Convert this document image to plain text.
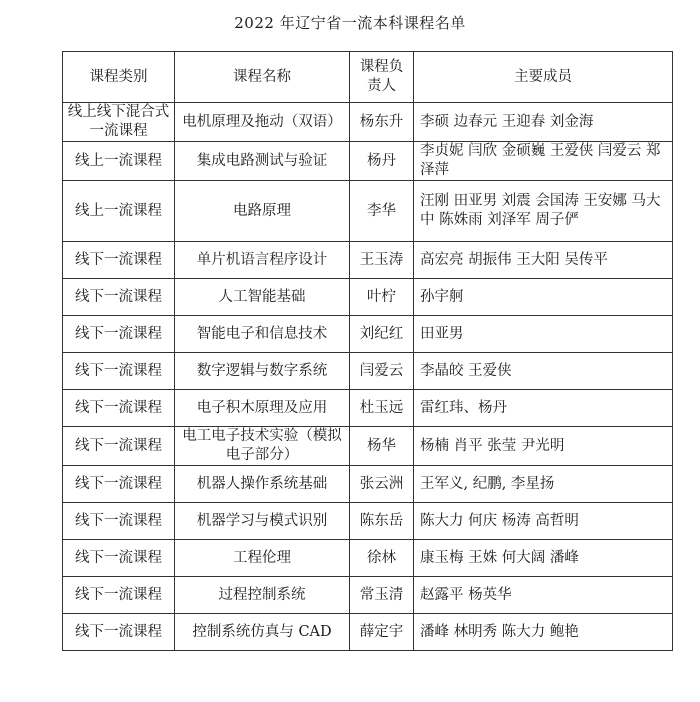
2022 年辽宁省一流本科课程名单
课程类别	课程名称	课程负责人	主要成员
线上线下混合式一流课程	电机原理及拖动（双语）	杨东升	李硕 边春元 王迎春 刘金海
线上一流课程	集成电路测试与验证	杨丹	李贞妮 闫欣 金硕巍 王爱侠 闫爱云 郑泽萍
线上一流课程	电路原理	李华	汪刚 田亚男 刘震 会国涛 王安娜 马大中 陈姝雨 刘泽军 周子俨
线下一流课程	单片机语言程序设计	王玉涛	高宏亮 胡振伟 王大阳 吴传平
线下一流课程	人工智能基础	叶柠	孙宇舸
线下一流课程	智能电子和信息技术	刘纪红	田亚男
线下一流课程	数字逻辑与数字系统	闫爱云	李晶皎 王爱侠
线下一流课程	电子积木原理及应用	杜玉远	雷红玮、杨丹
线下一流课程	电工电子技术实验（模拟电子部分）	杨华	杨楠 肖平 张莹 尹光明
线下一流课程	机器人操作系统基础	张云洲	王军义, 纪鹏, 李星扬
线下一流课程	机器学习与模式识别	陈东岳	陈大力 何庆 杨涛 高哲明
线下一流课程	工程伦理	徐林	康玉梅 王姝 何大阔 潘峰
线下一流课程	过程控制系统	常玉清	赵露平 杨英华
线下一流课程	控制系统仿真与 CAD	薛定宇	潘峰 林明秀 陈大力 鲍艳
